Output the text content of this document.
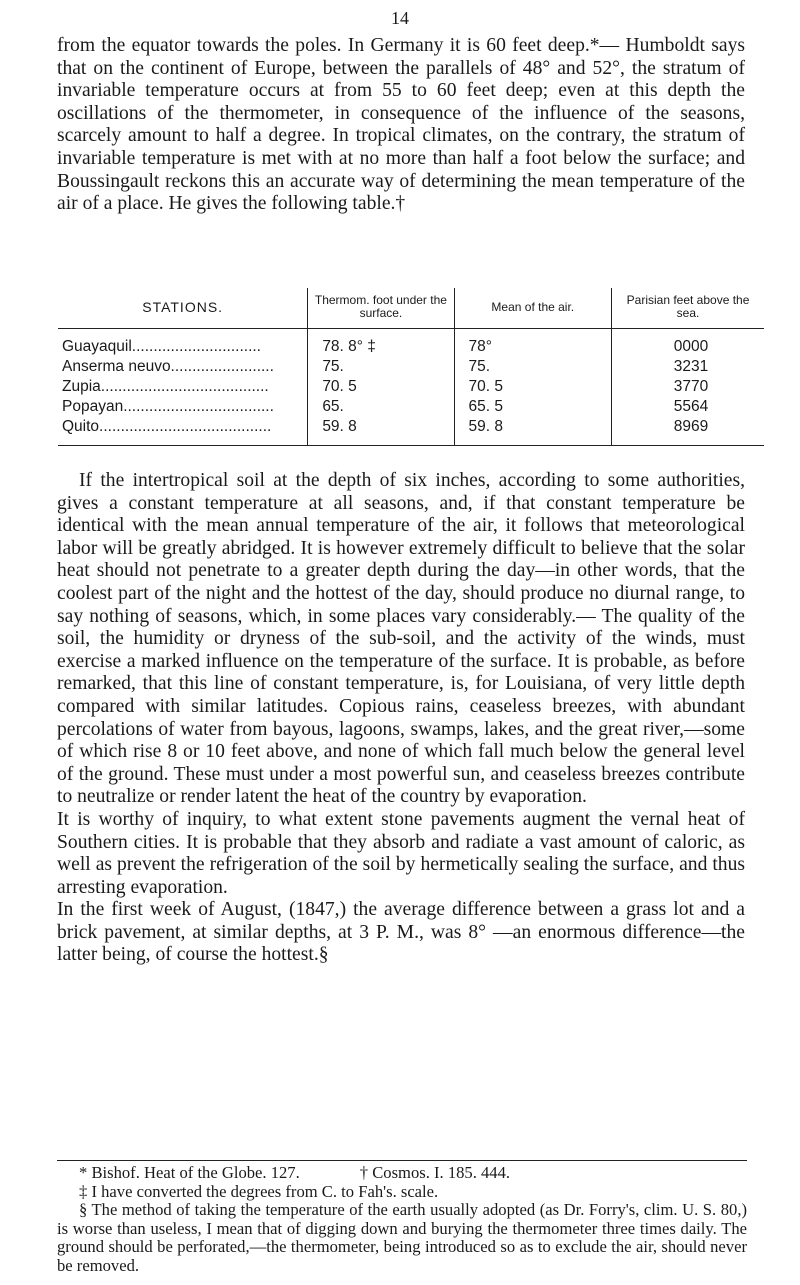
14

from the equator towards the poles. In Germany it is 60 feet deep.*— Humboldt says that on the continent of Europe, between the parallels of 48° and 52°, the stratum of invariable temperature occurs at from 55 to 60 feet deep; even at this depth the oscillations of the thermometer, in consequence of the influence of the seasons, scarcely amount to half a degree. In tropical climates, on the contrary, the stratum of invariable temperature is met with at no more than half a foot below the surface; and Boussingault reckons this an accurate way of determining the mean temperature of the air of a place. He gives the following table.†

STATIONS.	Thermom. foot under the surface.	Mean of the air.	Parisian feet above the sea.

Guayaquil..............................	78. 8° ‡	78°	0000

Anserma neuvo........................	75.	75.	3231

Zupia.......................................	70. 5	70. 5	3770

Popayan...................................	65.	65. 5	5564

Quito........................................	59. 8	59. 8	8969

If the intertropical soil at the depth of six inches, according to some authorities, gives a constant temperature at all seasons, and, if that constant temperature be identical with the mean annual temperature of the air, it follows that meteorological labor will be greatly abridged. It is however extremely difficult to believe that the solar heat should not penetrate to a greater depth during the day—in other words, that the coolest part of the night and the hottest of the day, should produce no diurnal range, to say nothing of seasons, which, in some places vary considerably.— The quality of the soil, the humidity or dryness of the sub-soil, and the activity of the winds, must exercise a marked influence on the temperature of the surface. It is probable, as before remarked, that this line of constant temperature, is, for Louisiana, of very little depth compared with similar latitudes. Copious rains, ceaseless breezes, with abundant percolations of water from bayous, lagoons, swamps, lakes, and the great river,—some of which rise 8 or 10 feet above, and none of which fall much below the general level of the ground. These must under a most powerful sun, and ceaseless breezes contribute to neutralize or render latent the heat of the country by evaporation.

It is worthy of inquiry, to what extent stone pavements augment the vernal heat of Southern cities. It is probable that they absorb and radiate a vast amount of caloric, as well as prevent the refrigeration of the soil by hermetically sealing the surface, and thus arresting evaporation.

In the first week of August, (1847,) the average difference between a grass lot and a brick pavement, at similar depths, at 3 P. M., was 8° —an enormous difference—the latter being, of course the hottest.§

* Bishof. Heat of the Globe. 127.	† Cosmos. I. 185. 444.

‡ I have converted the degrees from C. to Fah's. scale.

§ The method of taking the temperature of the earth usually adopted (as Dr. Forry's, clim. U. S. 80,) is worse than useless, I mean that of digging down and burying the thermometer three times daily. The ground should be perforated,—the thermometer, being introduced so as to exclude the air, should never be removed.
